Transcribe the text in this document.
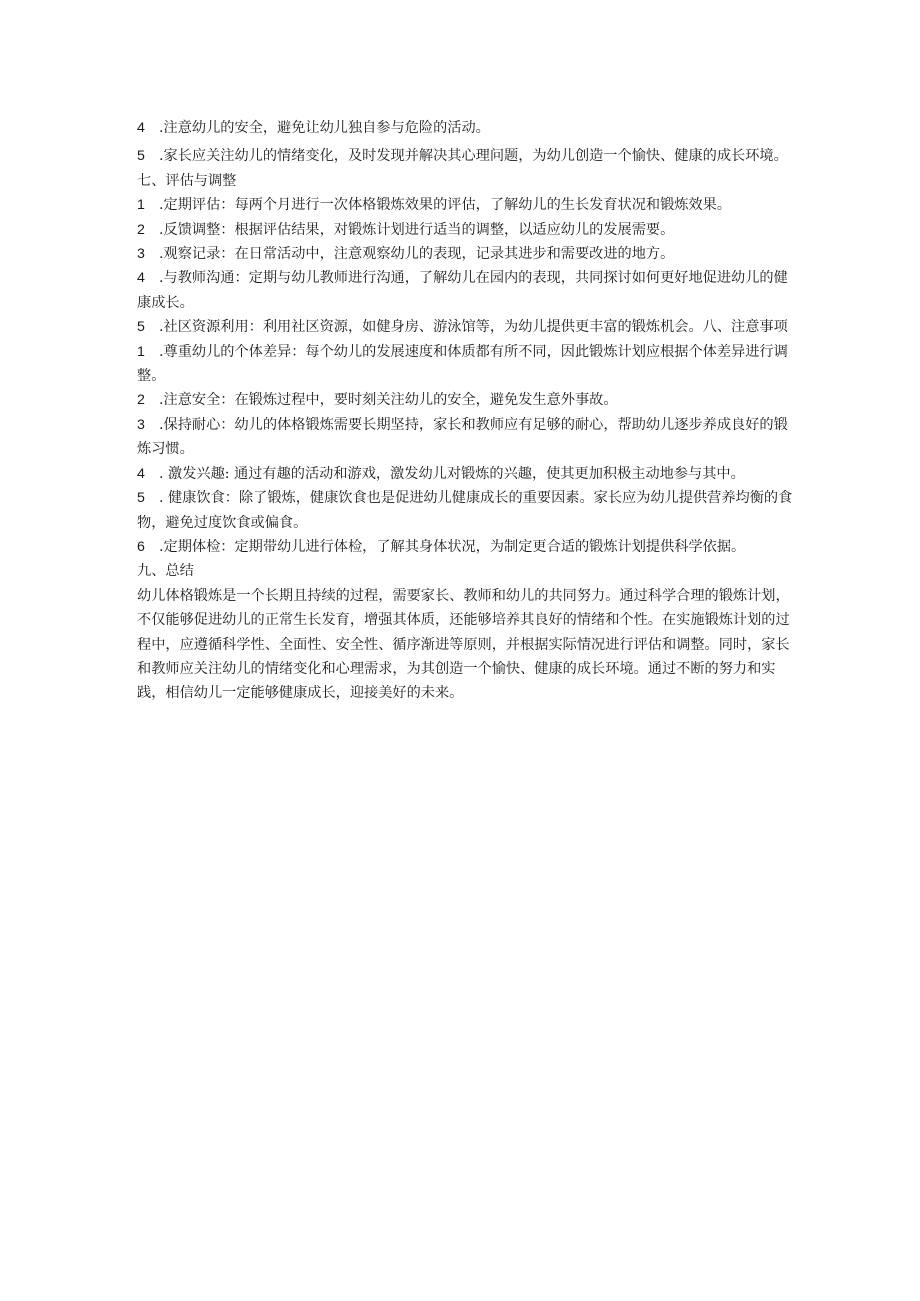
4 .注意幼儿的安全，避免让幼儿独自参与危险的活动。

5 .家长应关注幼儿的情绪变化，及时发现并解决其心理问题，为幼儿创造一个愉快、健康的成长环境。

七、评估与调整

1 .定期评估：每两个月进行一次体格锻炼效果的评估，了解幼儿的生长发育状况和锻炼效果。

2 .反馈调整：根据评估结果，对锻炼计划进行适当的调整，以适应幼儿的发展需要。

3 .观察记录：在日常活动中，注意观察幼儿的表现，记录其进步和需要改进的地方。

4 .与教师沟通：定期与幼儿教师进行沟通，了解幼儿在园内的表现，共同探讨如何更好地促进幼儿的健康成长。

5 .社区资源利用：利用社区资源，如健身房、游泳馆等，为幼儿提供更丰富的锻炼机会。八、注意事项

1 .尊重幼儿的个体差异：每个幼儿的发展速度和体质都有所不同，因此锻炼计划应根据个体差异进行调整。

2 .注意安全：在锻炼过程中，要时刻关注幼儿的安全，避免发生意外事故。

3 .保持耐心：幼儿的体格锻炼需要长期坚持，家长和教师应有足够的耐心，帮助幼儿逐步养成良好的锻炼习惯。

4 . 激发兴趣: 通过有趣的活动和游戏，激发幼儿对锻炼的兴趣，使其更加积极主动地参与其中。

5 . 健康饮食：除了锻炼，健康饮食也是促进幼儿健康成长的重要因素。家长应为幼儿提供营养均衡的食物，避免过度饮食或偏食。

6 .定期体检：定期带幼儿进行体检，了解其身体状况，为制定更合适的锻炼计划提供科学依据。

九、总结

幼儿体格锻炼是一个长期且持续的过程，需要家长、教师和幼儿的共同努力。通过科学合理的锻炼计划，不仅能够促进幼儿的正常生长发育，增强其体质，还能够培养其良好的情绪和个性。在实施锻炼计划的过程中，应遵循科学性、全面性、安全性、循序渐进等原则，并根据实际情况进行评估和调整。同时，家长和教师应关注幼儿的情绪变化和心理需求，为其创造一个愉快、健康的成长环境。通过不断的努力和实践，相信幼儿一定能够健康成长，迎接美好的未来。
